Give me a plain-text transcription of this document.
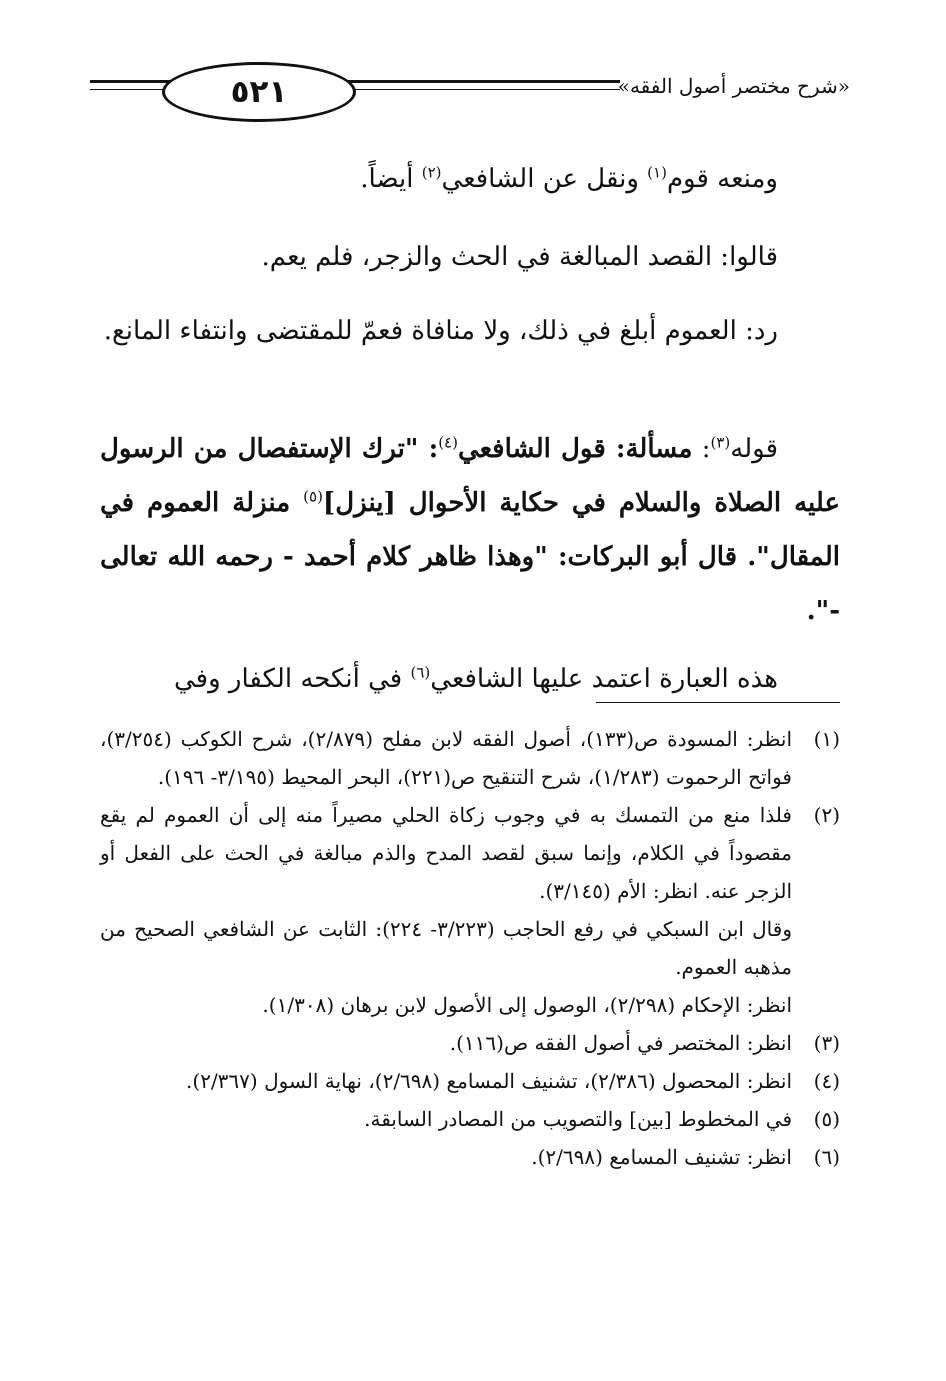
٥٢١	«شرح مختصر أصول الفقه»

ومنعه قوم$^{(١)}$ ونقل عن الشافعي$^{(٢)}$ أيضاً.

قالوا: القصد المبالغة في الحث والزجر، فلم يعم.

رد: العموم أبلغ في ذلك، ولا منافاة فعمّ للمقتضى وانتفاء المانع.

قوله$^{(٣)}$: مسألة: قول الشافعي$^{(٤)}$: "ترك الإستفصال من الرسول عليه الصلاة والسلام في حكاية الأحوال [ينزل]$^{(٥)}$ منزلة العموم في المقال". قال أبو البركات: "وهذا ظاهر كلام أحمد - رحمه الله تعالى -".

هذه العبارة اعتمد عليها الشافعي$^{(٦)}$ في أنكحه الكفار وفي

(١)
انظر: المسودة ص(١٣٣)، أصول الفقه لابن مفلح (٢/٨٧٩)، شرح الكوكب (٣/٢٥٤)، فواتح الرحموت (١/٢٨٣)، شرح التنقيح ص(٢٢١)، البحر المحيط (٣/١٩٥- ١٩٦).
(٢)
فلذا منع من التمسك به في وجوب زكاة الحلي مصيراً منه إلى أن العموم لم يقع مقصوداً في الكلام، وإنما سبق لقصد المدح والذم مبالغة في الحث على الفعل أو الزجر عنه. انظر: الأم (٣/١٤٥).
وقال ابن السبكي في رفع الحاجب (٣/٢٢٣- ٢٢٤): الثابت عن الشافعي الصحيح من مذهبه العموم.
انظر: الإحكام (٢/٢٩٨)، الوصول إلى الأصول لابن برهان (١/٣٠٨).
(٣)
انظر: المختصر في أصول الفقه ص(١١٦).
(٤)
انظر: المحصول (٢/٣٨٦)، تشنيف المسامع (٢/٦٩٨)، نهاية السول (٢/٣٦٧).
(٥)
في المخطوط [بين] والتصويب من المصادر السابقة.
(٦)
انظر: تشنيف المسامع (٢/٦٩٨).
